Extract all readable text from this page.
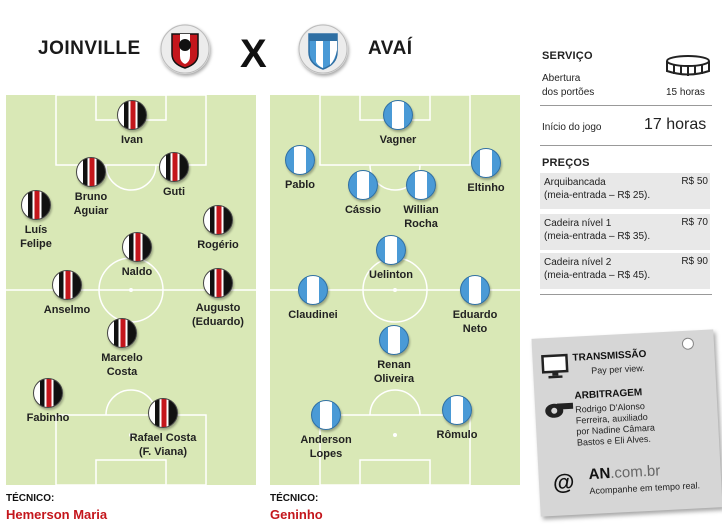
JOINVILLE X	AVAÍ
Ivan
Bruno
Aguiar
Guti
Luís
Felipe	Rogério
Naldo
Anselmo	Augusto
(Eduardo)
Marcelo
Costa
Fabinho
Rafael Costa
(F. Viana)
Vagner
Pablo	Eltinho
Cássio	Willian
Rocha
Uelinton
Claudinei	Eduardo
Neto
Renan
Oliveira
Anderson
Lopes
Rômulo
TÉCNICO:
Hemerson Maria
TÉCNICO:
Geninho
SERVIÇO
Abertura
dos portões	15 horas
Início do jogo	17 horas
PREÇOS
Arquibancada
(meia-entrada – R$ 25).
R$ 50
Cadeira nível 1
(meia-entrada – R$ 35).
R$ 70
Cadeira nível 2
(meia-entrada – R$ 45).
R$ 90
TRANSMISSÃO
Pay per view.
ARBITRAGEM
Rodrigo D'Alonso
Ferreira, auxiliado
por Nadine Câmara
Bastos e Eli Alves.
@ AN.com.br
Acompanhe em tempo real.
